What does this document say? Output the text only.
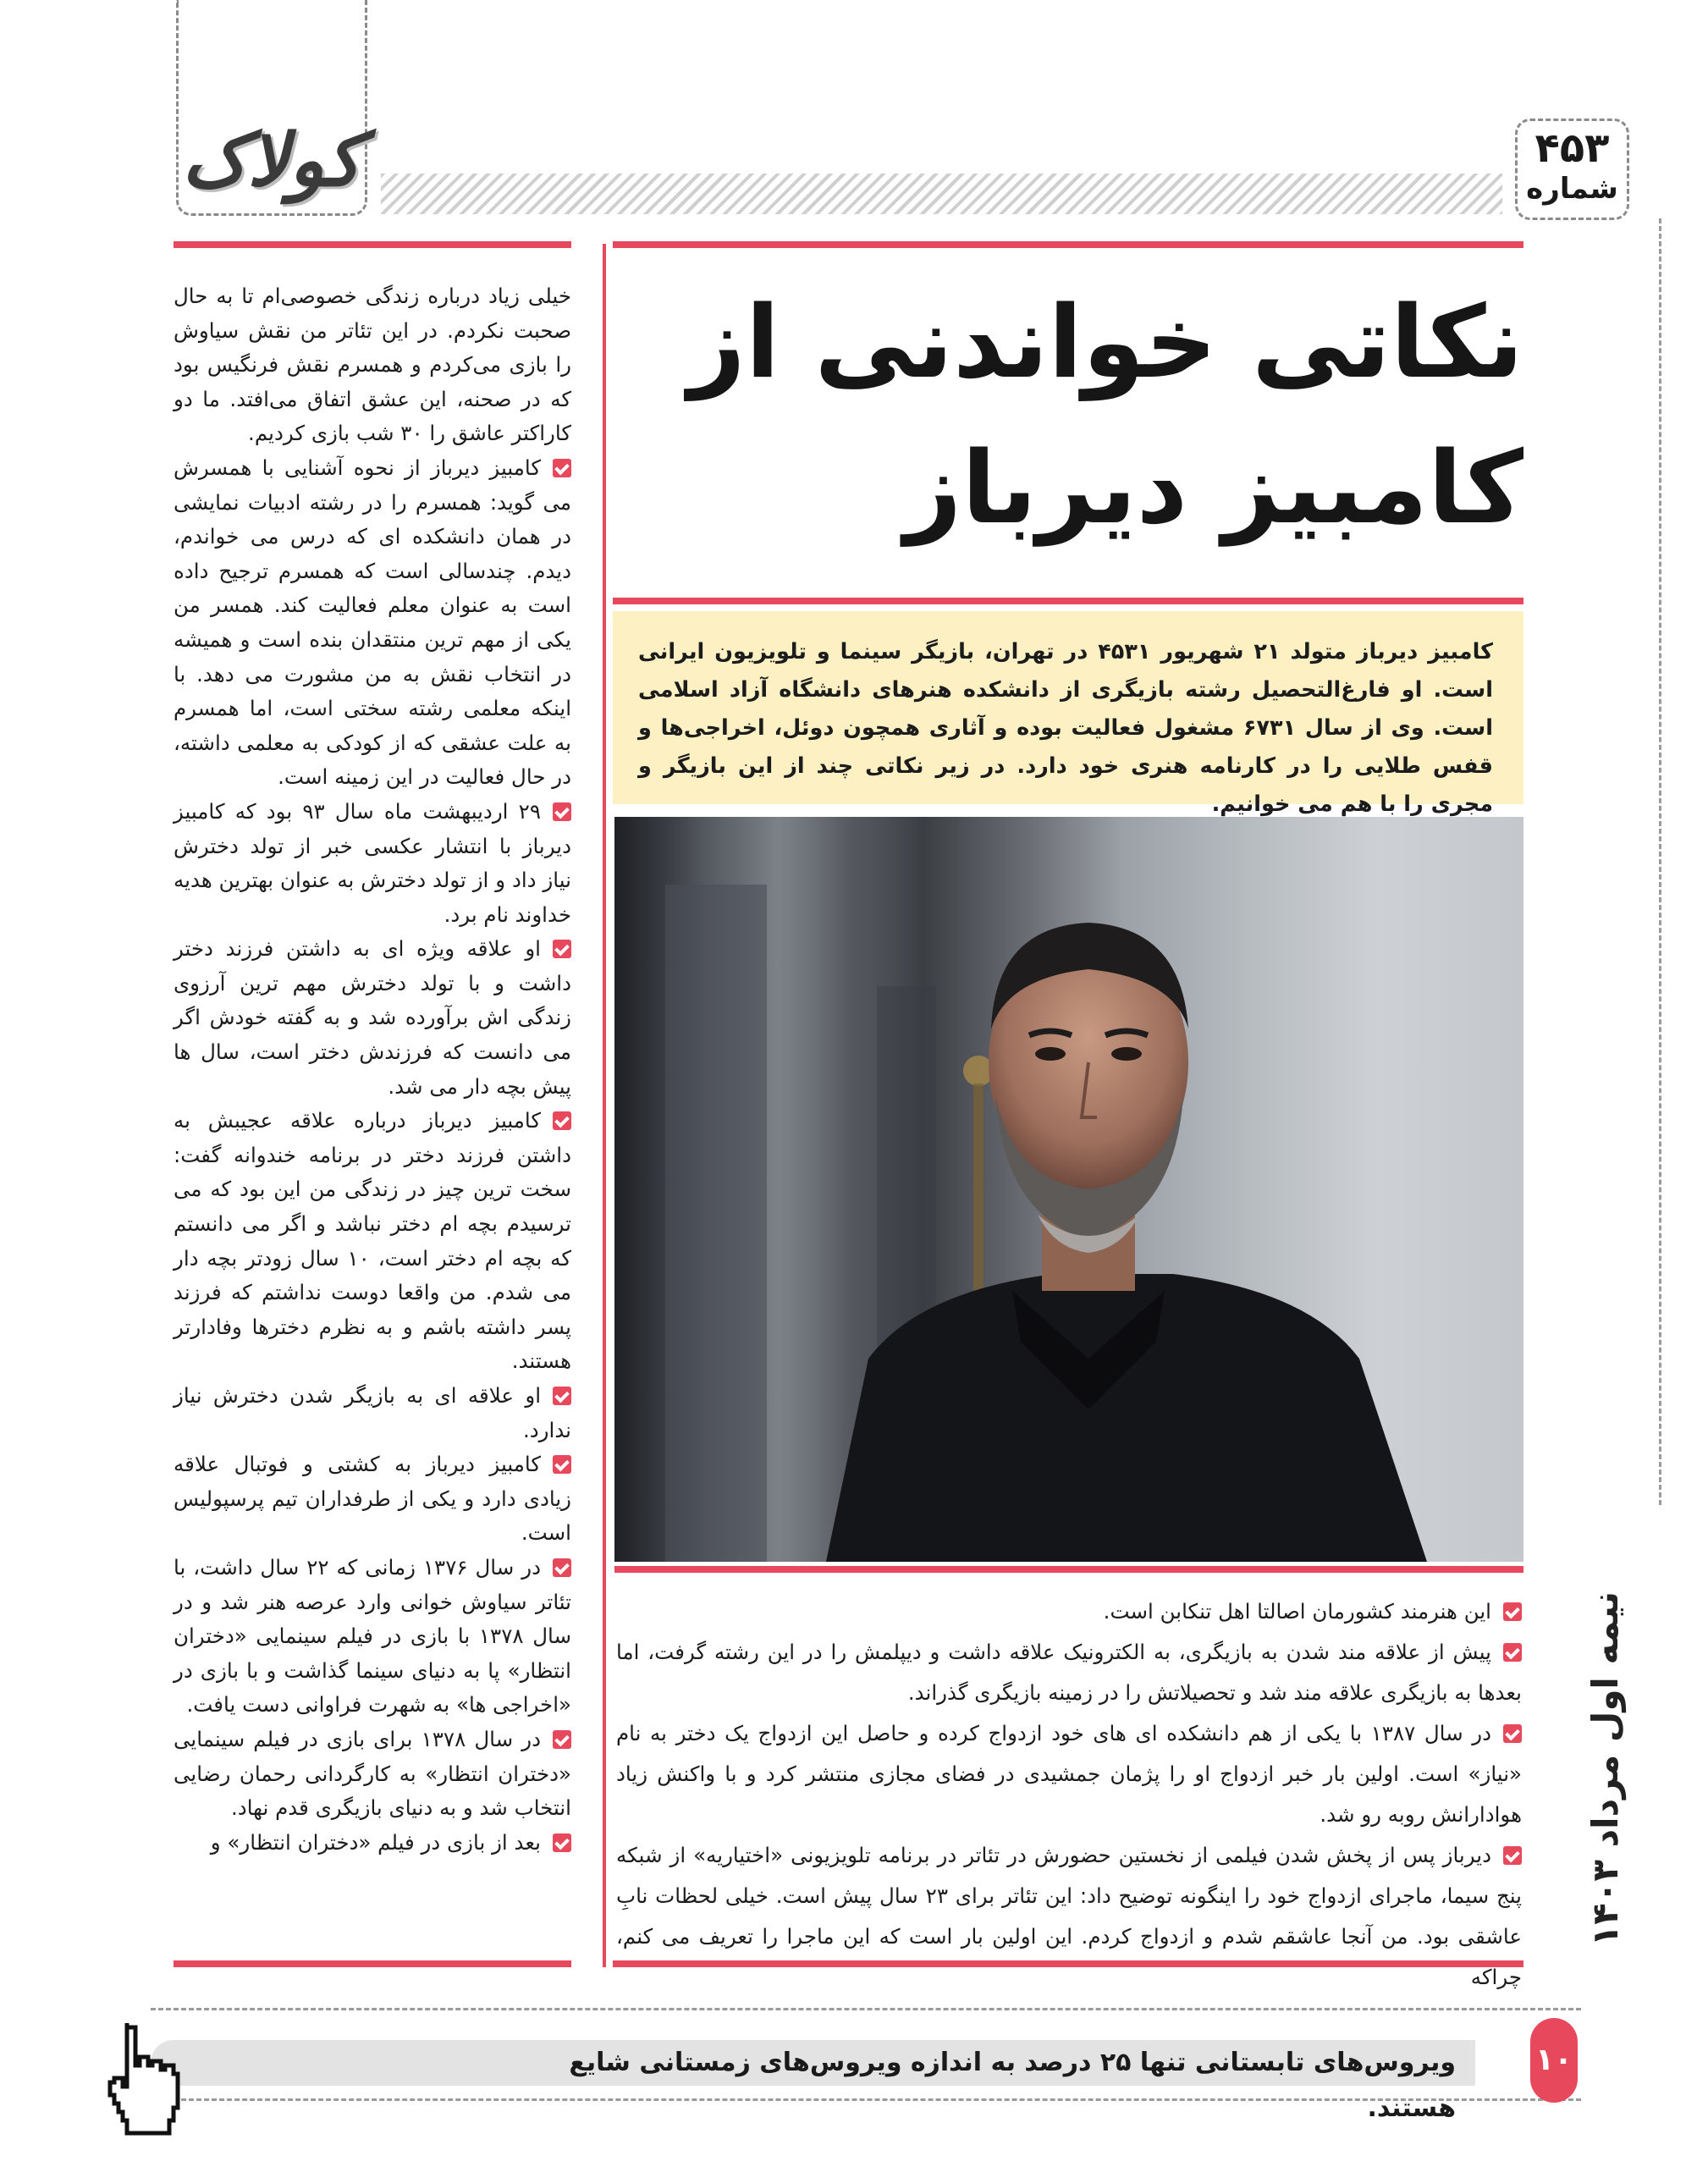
کولاک	۴۵۳
شماره
نیمه اول مرداد ۱۴۰۳

خیلی زیاد درباره زندگی خصوصی‌ام تا به حال صحبت نکردم. در این تئاتر من نقش سیاوش را بازی می‌کردم و همسرم نقش فرنگیس بود که در صحنه، این عشق اتفاق می‌افتد. ما دو کاراکتر عاشق را ۳۰ شب بازی کردیم.

کامبیز دیرباز از نحوه آشنایی با همسرش می گوید: همسرم را در رشته ادبیات نمایشی در همان دانشکده ای که درس می خواندم، دیدم. چندسالی است که همسرم ترجیح داده است به عنوان معلم فعالیت کند. همسر من یکی از مهم ترین منتقدان بنده است و همیشه در انتخاب نقش به من مشورت می دهد. با اینکه معلمی رشته سختی است، اما همسرم به علت عشقی که از کودکی به معلمی داشته، در حال فعالیت در این زمینه است.

۲۹ اردیبهشت ماه سال ۹۳ بود که کامبیز دیرباز با انتشار عکسی خبر از تولد دخترش نیاز داد و از تولد دخترش به عنوان بهترین هدیه خداوند نام برد.

او علاقه ویژه ای به داشتن فرزند دختر داشت و با تولد دخترش مهم ترین آرزوی زندگی اش برآورده شد و به گفته خودش اگر می دانست که فرزندش دختر است، سال ها پیش بچه دار می شد.

کامبیز دیرباز درباره علاقه عجیبش به داشتن فرزند دختر در برنامه خندوانه گفت: سخت ترین چیز در زندگی من این بود که می ترسیدم بچه ام دختر نباشد و اگر می دانستم که بچه ام دختر است، ۱۰ سال زودتر بچه دار می شدم. من واقعا دوست نداشتم که فرزند پسر داشته باشم و به نظرم دخترها وفادارتر هستند.

او علاقه ای به بازیگر شدن دخترش نیاز ندارد.

کامبیز دیرباز به کشتی و فوتبال علاقه زیادی دارد و یکی از طرفداران تیم پرسپولیس است.

در سال ۱۳۷۶ زمانی که ۲۲ سال داشت، با تئاتر سیاوش خوانی وارد عرصه هنر شد و در سال ۱۳۷۸ با بازی در فیلم سینمایی «دختران انتظار» پا به دنیای سینما گذاشت و با بازی در «اخراجی ها» به شهرت فراوانی دست یافت.

در سال ۱۳۷۸ برای بازی در فیلم سینمایی «دختران انتظار» به کارگردانی رحمان رضایی انتخاب شد و به دنیای بازیگری قدم نهاد.

بعد از بازی در فیلم «دختران انتظار» و

نکاتی خواندنی از
کامبیز دیرباز
کامبیز دیرباز متولد ۲۱ شهریور ۴۵۳۱ در تهران، بازیگر سینما و تلویزیون ایرانی است. او فارغ‌التحصیل رشته بازیگری از دانشکده هنرهای دانشگاه آزاد اسلامی است. وی از سال ۶۷۳۱ مشغول فعالیت بوده و آثاری همچون دوئل، اخراجی‌ها و قفس طلایی را در کارنامه هنری خود دارد. در زیر نکاتی چند از این بازیگر و مجری را با هم می خوانیم.

این هنرمند کشورمان اصالتا اهل تنکابن است.

پیش از علاقه مند شدن به بازیگری، به الکترونیک علاقه داشت و دیپلمش را در این رشته گرفت، اما بعدها به بازیگری علاقه مند شد و تحصیلاتش را در زمینه بازیگری گذراند.

در سال ۱۳۸۷ با یکی از هم دانشکده ای های خود ازدواج کرده و حاصل این ازدواج یک دختر به نام «نیاز» است. اولین بار خبر ازدواج او را پژمان جمشیدی در فضای مجازی منتشر کرد و با واکنش زیاد هوادارانش روبه رو شد.

دیرباز پس از پخش شدن فیلمی از نخستین حضورش در تئاتر در برنامه تلویزیونی «اختیاریه» از شبکه پنج سیما، ماجرای ازدواج خود را اینگونه توضیح داد: این تئاتر برای ۲۳ سال پیش است. خیلی لحظات نابِ عاشقی بود. من آنجا عاشقم شدم و ازدواج کردم. این اولین بار است که این ماجرا را تعریف می کنم، چراکه

ویروس‌های تابستانی تنها ۲۵ درصد به اندازه ویروس‌های زمستانی شایع هستند.
۱۰
